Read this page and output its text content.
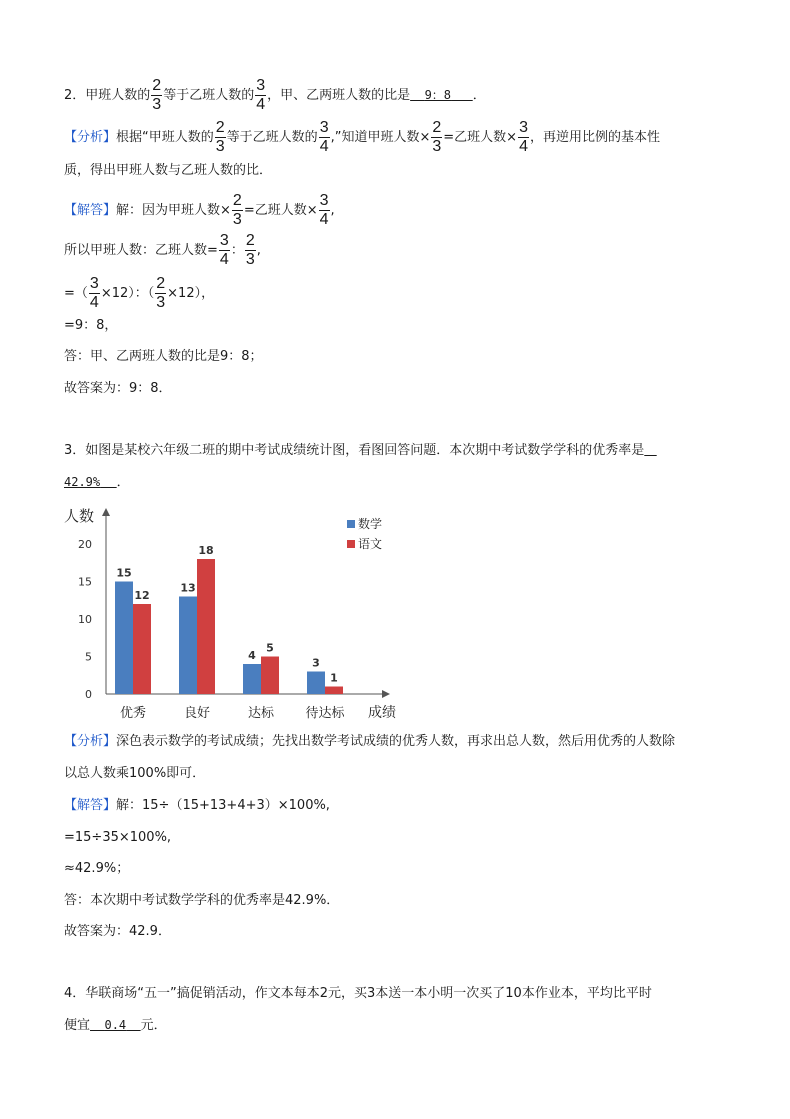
2．甲班人数的 $\frac{2}{3}$ 等于乙班人数的 $\frac{3}{4}$ ，甲、乙两班人数的比是 9：8 ．
【分析】根据“甲班人数的 $\frac{2}{3}$ 等于乙班人数的 $\frac{3}{4}$ ,”知道甲班人数× $\frac{2}{3}$ =乙班人数× $\frac{3}{4}$ ，再逆用比例的基本性
质，得出甲班人数与乙班人数的比．
【解答】解：因为甲班人数× $\frac{2}{3}$ =乙班人数× $\frac{3}{4}$ ,
所以甲班人数：乙班人数= $\frac{3}{4}$ ： $\frac{2}{3}$ ,
=（ $\frac{3}{4} \times 12$）：（ $\frac{2}{3} \times 12$），
=9：8，
答：甲、乙两班人数的比是9：8；
故答案为：9：8．
3．如图是某校六年级二班的期中考试成绩统计图，看图回答问题．本次期中考试数学学科的优秀率是
42.9% ．
人数
成绩
0
5
10
15
20
15
12
13
18
4
5
3
1
优秀	良好	达标 待达标
数学
语文
【分析】深色表示数学的考试成绩；先找出数学考试成绩的优秀人数，再求出总人数，然后用优秀的人数除
以总人数乘100%即可．
【解答】解：15÷（15+13+4+3）×100%,
=15÷35×100%,
≈42.9%；
答：本次期中考试数学学科的优秀率是42.9%．
故答案为：42.9．
4．华联商场“五一”搞促销活动，作文本每本2元，买3本送一本小明一次买了10本作业本，平均比平时
便宜 0.4 元．
